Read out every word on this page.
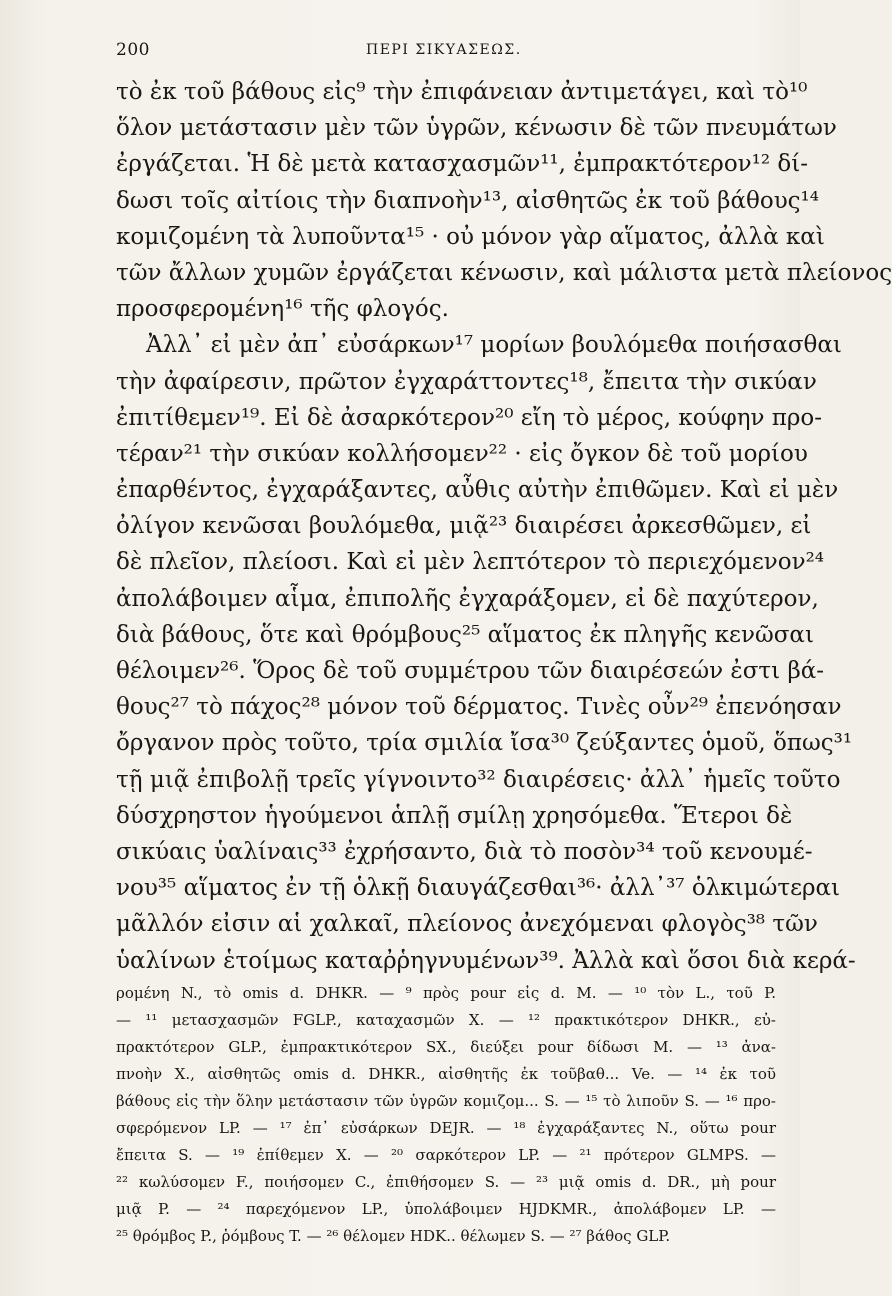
200	ΠΕΡΙ ΣΙΚΥΑΣΕΩΣ.
τὸ ἐκ τοῦ βάθους εἰς⁹ τὴν ἐπιφάνειαν ἀντιμετάγει, καὶ τὸ¹⁰
ὅλον μετάστασιν μὲν τῶν ὑγρῶν, κένωσιν δὲ τῶν πνευμάτων
ἐργάζεται. Ἡ δὲ μετὰ κατασχασμῶν¹¹, ἐμπρακτότερον¹² δί-
δωσι τοῖς αἰτίοις τὴν διαπνοὴν¹³, αἰσθητῶς ἐκ τοῦ βάθους¹⁴
κομιζομένη τὰ λυποῦντα¹⁵ · οὐ μόνον γὰρ αἵματος, ἀλλὰ καὶ
τῶν ἄλλων χυμῶν ἐργάζεται κένωσιν, καὶ μάλιστα μετὰ πλείονος
προσφερομένη¹⁶ τῆς φλογός.
Ἀλλ᾽ εἰ μὲν ἀπ᾽ εὐσάρκων¹⁷ μορίων βουλόμεθα ποιήσασθαι
τὴν ἀφαίρεσιν, πρῶτον ἐγχαράττοντες¹⁸, ἔπειτα τὴν σικύαν
ἐπιτίθεμεν¹⁹. Εἰ δὲ ἀσαρκότερον²⁰ εἴη τὸ μέρος, κούφην προ-
τέραν²¹ τὴν σικύαν κολλήσομεν²² · εἰς ὄγκον δὲ τοῦ μορίου
ἐπαρθέντος, ἐγχαράξαντες, αὖθις αὐτὴν ἐπιθῶμεν. Καὶ εἰ μὲν
ὀλίγον κενῶσαι βουλόμεθα, μιᾷ²³ διαιρέσει ἀρκεσθῶμεν, εἰ
δὲ πλεῖον, πλείοσι. Καὶ εἰ μὲν λεπτότερον τὸ περιεχόμενον²⁴
ἀπολάβοιμεν αἷμα, ἐπιπολῆς ἐγχαράξομεν, εἰ δὲ παχύτερον,
διὰ βάθους, ὅτε καὶ θρόμβους²⁵ αἵματος ἐκ πληγῆς κενῶσαι
θέλοιμεν²⁶. Ὅρος δὲ τοῦ συμμέτρου τῶν διαιρέσεών ἐστι βά-
θους²⁷ τὸ πάχος²⁸ μόνον τοῦ δέρματος. Τινὲς οὖν²⁹ ἐπενόησαν
ὄργανον πρὸς τοῦτο, τρία σμιλία ἴσα³⁰ ζεύξαντες ὁμοῦ, ὅπως³¹
τῇ μιᾷ ἐπιβολῇ τρεῖς γίγνοιντο³² διαιρέσεις· ἀλλ᾽ ἡμεῖς τοῦτο
δύσχρηστον ἡγούμενοι ἁπλῇ σμίλῃ χρησόμεθα. Ἕτεροι δὲ
σικύαις ὑαλίναις³³ ἐχρήσαντο, διὰ τὸ ποσὸν³⁴ τοῦ κενουμέ-
νου³⁵ αἵματος ἐν τῇ ὁλκῇ διαυγάζεσθαι³⁶· ἀλλ᾽³⁷ ὁλκιμώτεραι
μᾶλλόν εἰσιν αἱ χαλκαῖ, πλείονος ἀνεχόμεναι φλογὸς³⁸ τῶν
ὑαλίνων ἑτοίμως καταῤῥηγνυμένων³⁹. Ἀλλὰ καὶ ὅσοι διὰ κερά-
ρομένη N., τὸ omis d. DHKR. — ⁹ πρὸς pour εἰς d. M. — ¹⁰ τὸν L., τοῦ P.
— ¹¹ μετασχασμῶν FGLP., καταχασμῶν X. — ¹² πρακτικότερον DHKR., εὐ-
πρακτότερον GLP., ἐμπρακτικότερον SX., διεύξει pour δίδωσι M. — ¹³ ἀνα-
πνοὴν X., αἰσθητῶς omis d. DHKR., αἰσθητῆς ἐκ τοῦβαθ... Ve. — ¹⁴ ἐκ τοῦ
βάθους εἰς τὴν ὅλην μετάστασιν τῶν ὑγρῶν κομιζομ... S. — ¹⁵ τὸ λιποῦν S. — ¹⁶ προ-
σφερόμενον LP. — ¹⁷ ἐπ᾽ εὐσάρκων DEJR. — ¹⁸ ἐγχαράξαντες N., οὕτω pour
ἔπειτα S. — ¹⁹ ἐπίθεμεν X. — ²⁰ σαρκότερον LP. — ²¹ πρότερον GLMPS. —
²² κωλύσομεν F., ποιήσομεν C., ἐπιθήσομεν S. — ²³ μιᾷ omis d. DR., μὴ pour
μιᾷ P. — ²⁴ παρεχόμενον LP., ὑπολάβοιμεν HJDKMR., ἀπολάβομεν LP. —
²⁵ θρόμβος P., ῥόμβους T. — ²⁶ θέλομεν HDK.. θέλωμεν S. — ²⁷ βάθος GLP.
